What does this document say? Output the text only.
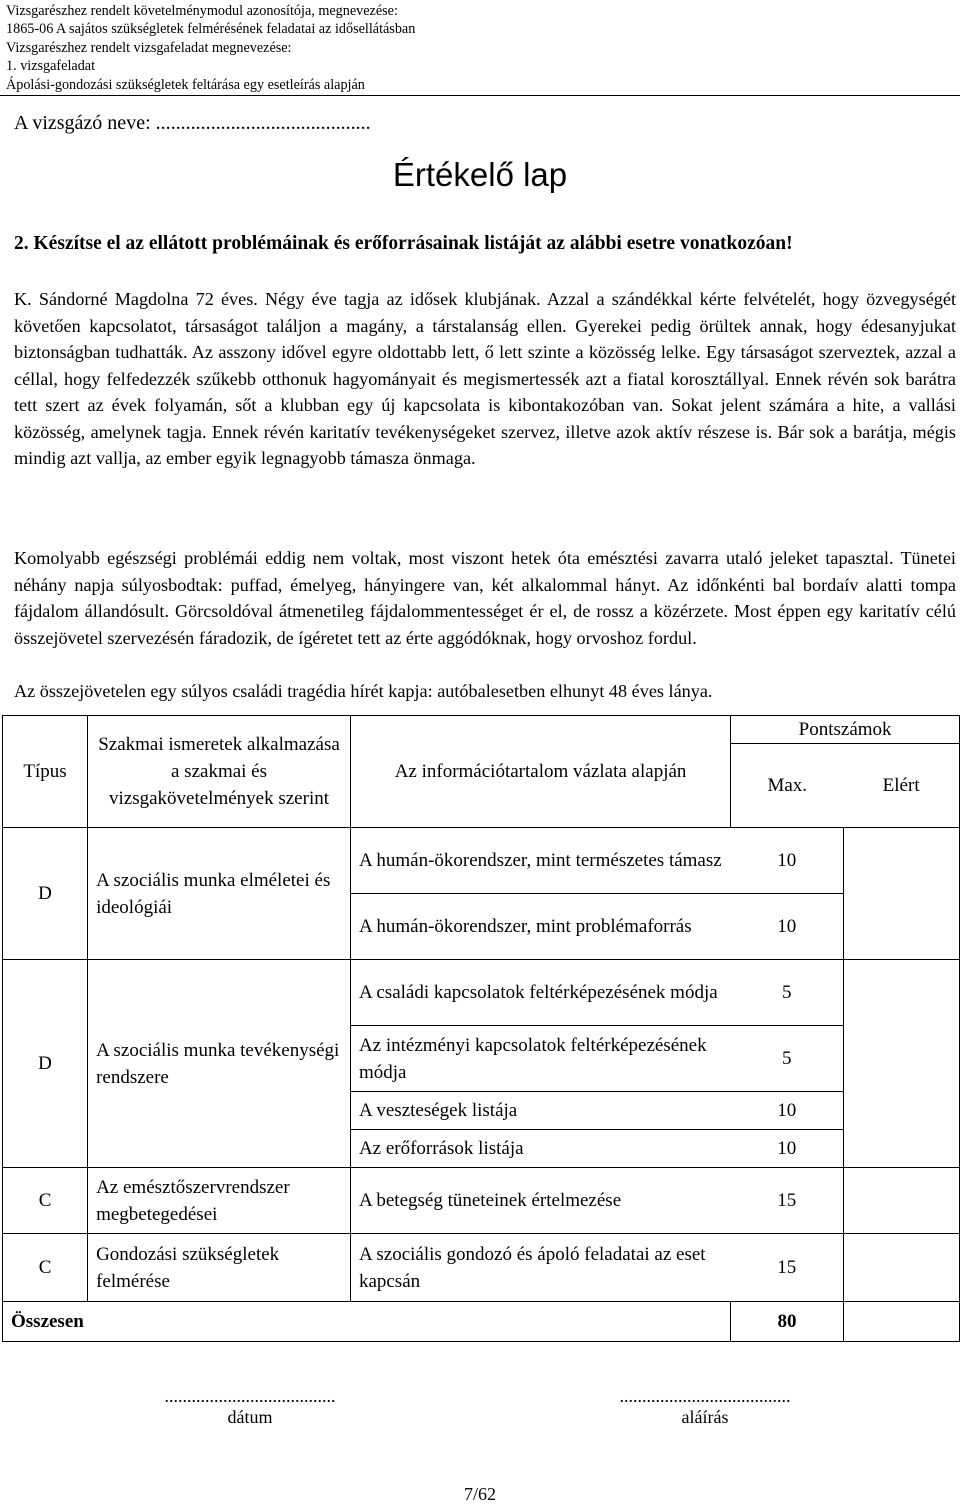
Vizsgarészhez rendelt követelménymodul azonosítója, megnevezése:
1865-06 A sajátos szükségletek felmérésének feladatai az idősellátásban
Vizsgarészhez rendelt vizsgafeladat megnevezése:
1. vizsgafeladat
Ápolási-gondozási szükségletek feltárása egy esetleírás alapján
A vizsgázó neve: ...........................................
Értékelő lap
2. Készítse el az ellátott problémáinak és erőforrásainak listáját az alábbi esetre vonatkozóan!
K. Sándorné Magdolna 72 éves. Négy éve tagja az idősek klubjának. Azzal a szándékkal kérte felvételét, hogy özvegységét követően kapcsolatot, társaságot találjon a magány, a társtalanság ellen. Gyerekei pedig örültek annak, hogy édesanyjukat biztonságban tudhatták. Az asszony idővel egyre oldottabb lett, ő lett szinte a közösség lelke. Egy társaságot szerveztek, azzal a céllal, hogy felfedezzék szűkebb otthonuk hagyományait és megismertessék azt a fiatal korosztállyal. Ennek révén sok barátra tett szert az évek folyamán, sőt a klubban egy új kapcsolata is kibontakozóban van. Sokat jelent számára a hite, a vallási közösség, amelynek tagja. Ennek révén karitatív tevékenységeket szervez, illetve azok aktív részese is. Bár sok a barátja, mégis mindig azt vallja, az ember egyik legnagyobb támasza önmaga.
Komolyabb egészségi problémái eddig nem voltak, most viszont hetek óta emésztési zavarra utaló jeleket tapasztal. Tünetei néhány napja súlyosbodtak: puffad, émelyeg, hányingere van, két alkalommal hányt. Az időnkénti bal bordaív alatti tompa fájdalom állandósult. Görcsoldóval átmenetileg fájdalommentességet ér el, de rossz a közérzete. Most éppen egy karitatív célú összejövetel szervezésén fáradozik, de ígéretet tett az érte aggódóknak, hogy orvoshoz fordul.
Az összejövetelen egy súlyos családi tragédia hírét kapja: autóbalesetben elhunyt 48 éves lánya.
Típus	Szakmai ismeretek alkalmazása a szakmai és vizsgakövetelmények szerint	Az információtartalom vázlata alapján	Pontszámok	
			Max.	Elért
D	A szociális munka elméletei és ideológiái	A humán-ökorendszer, mint természetes támasz	10	
		A humán-ökorendszer, mint problémaforrás	10	
D	A szociális munka tevékenységi rendszere	A családi kapcsolatok feltérképezésének módja	5	
		Az intézményi kapcsolatok feltérképezésének módja	5	
		A veszteségek listája	10	
		Az erőforrások listája	10	
C	Az emésztőszervrendszer megbetegedései	A betegség tüneteinek értelmezése	15	
C	Gondozási szükségletek felmérése	A szociális gondozó és ápoló feladatai az eset kapcsán	15	
Összesen			80	
......................................
dátum
......................................
aláírás
7/62
